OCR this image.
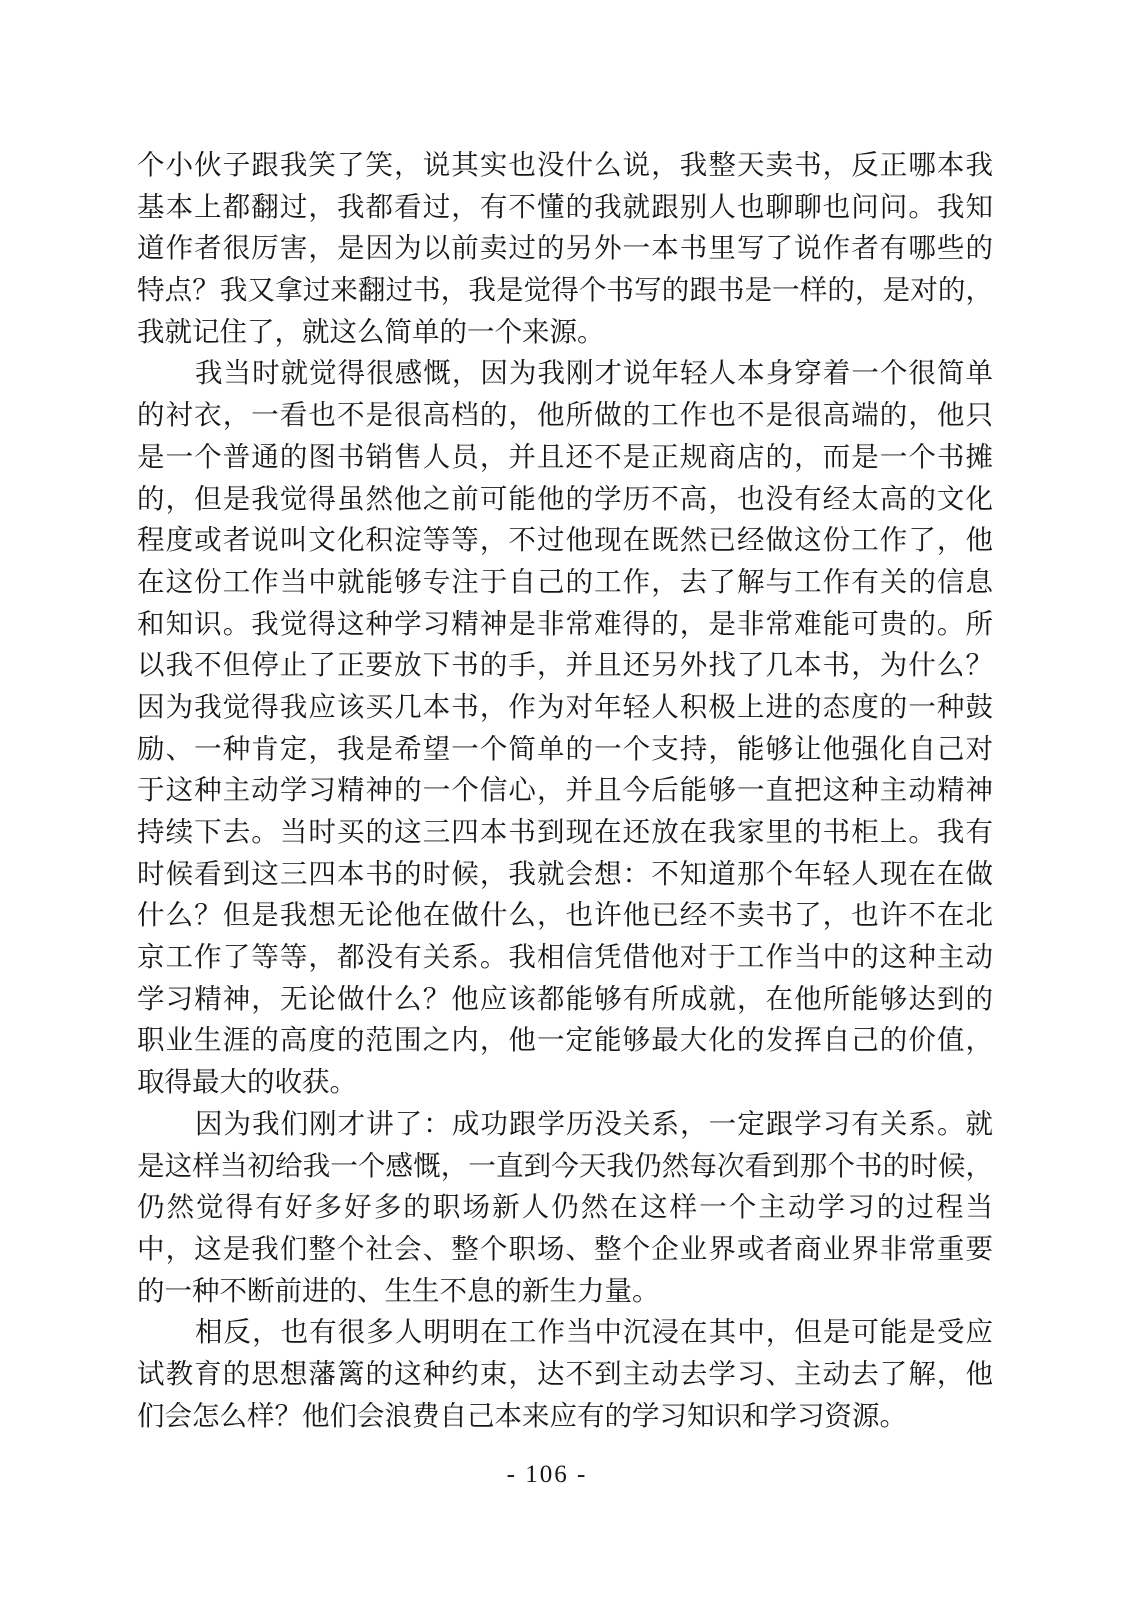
个小伙子跟我笑了笑，说其实也没什么说，我整天卖书，反正哪本我
基本上都翻过，我都看过，有不懂的我就跟别人也聊聊也问问。我知
道作者很厉害，是因为以前卖过的另外一本书里写了说作者有哪些的
特点？我又拿过来翻过书，我是觉得个书写的跟书是一样的，是对的，
我就记住了，就这么简单的一个来源。

我当时就觉得很感慨，因为我刚才说年轻人本身穿着一个很简单
的衬衣，一看也不是很高档的，他所做的工作也不是很高端的，他只
是一个普通的图书销售人员，并且还不是正规商店的，而是一个书摊
的，但是我觉得虽然他之前可能他的学历不高，也没有经太高的文化
程度或者说叫文化积淀等等，不过他现在既然已经做这份工作了，他
在这份工作当中就能够专注于自己的工作，去了解与工作有关的信息
和知识。我觉得这种学习精神是非常难得的，是非常难能可贵的。所
以我不但停止了正要放下书的手，并且还另外找了几本书，为什么？
因为我觉得我应该买几本书，作为对年轻人积极上进的态度的一种鼓
励、一种肯定，我是希望一个简单的一个支持，能够让他强化自己对
于这种主动学习精神的一个信心，并且今后能够一直把这种主动精神
持续下去。当时买的这三四本书到现在还放在我家里的书柜上。我有
时候看到这三四本书的时候，我就会想：不知道那个年轻人现在在做
什么？但是我想无论他在做什么，也许他已经不卖书了，也许不在北
京工作了等等，都没有关系。我相信凭借他对于工作当中的这种主动
学习精神，无论做什么？他应该都能够有所成就，在他所能够达到的
职业生涯的高度的范围之内，他一定能够最大化的发挥自己的价值，
取得最大的收获。

因为我们刚才讲了：成功跟学历没关系，一定跟学习有关系。就
是这样当初给我一个感慨，一直到今天我仍然每次看到那个书的时候，
仍然觉得有好多好多的职场新人仍然在这样一个主动学习的过程当
中，这是我们整个社会、整个职场、整个企业界或者商业界非常重要
的一种不断前进的、生生不息的新生力量。

相反，也有很多人明明在工作当中沉浸在其中，但是可能是受应
试教育的思想藩篱的这种约束，达不到主动去学习、主动去了解，他
们会怎么样？他们会浪费自己本来应有的学习知识和学习资源。

- 106 -
